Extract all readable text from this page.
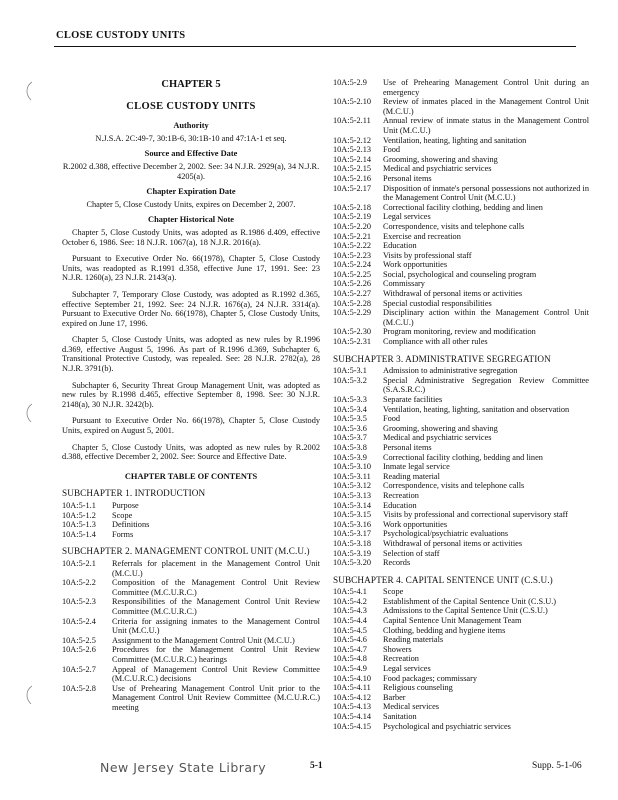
CLOSE CUSTODY UNITS
CHAPTER 5
CLOSE CUSTODY UNITS
Authority
N.J.S.A. 2C:49-7, 30:1B-6, 30:1B-10 and 47:1A-1 et seq.
Source and Effective Date
R.2002 d.388, effective December 2, 2002. See: 34 N.J.R. 2929(a), 34 N.J.R. 4205(a).
Chapter Expiration Date
Chapter 5, Close Custody Units, expires on December 2, 2007.
Chapter Historical Note

Chapter 5, Close Custody Units, was adopted as R.1986 d.409, effective October 6, 1986. See: 18 N.J.R. 1067(a), 18 N.J.R. 2016(a).

Pursuant to Executive Order No. 66(1978), Chapter 5, Close Custody Units, was readopted as R.1991 d.358, effective June 17, 1991. See: 23 N.J.R. 1260(a), 23 N.J.R. 2143(a).

Subchapter 7, Temporary Close Custody, was adopted as R.1992 d.365, effective September 21, 1992. See: 24 N.J.R. 1676(a), 24 N.J.R. 3314(a). Pursuant to Executive Order No. 66(1978), Chapter 5, Close Custody Units, expired on June 17, 1996.

Chapter 5, Close Custody Units, was adopted as new rules by R.1996 d.369, effective August 5, 1996. As part of R.1996 d.369, Subchapter 6, Transitional Protective Custody, was repealed. See: 28 N.J.R. 2782(a), 28 N.J.R. 3791(b).

Subchapter 6, Security Threat Group Management Unit, was adopted as new rules by R.1998 d.465, effective September 8, 1998. See: 30 N.J.R. 2148(a), 30 N.J.R. 3242(b).

Pursuant to Executive Order No. 66(1978), Chapter 5, Close Custody Units, expired on August 5, 2001.

Chapter 5, Close Custody Units, was adopted as new rules by R.2002 d.388, effective December 2, 2002. See: Source and Effective Date.

CHAPTER TABLE OF CONTENTS
SUBCHAPTER 1. INTRODUCTION
10A:5-1.1	Purpose
10A:5-1.2	Scope
10A:5-1.3	Definitions
10A:5-1.4	Forms
SUBCHAPTER 2. MANAGEMENT CONTROL UNIT (M.C.U.)
10A:5-2.1	Referrals for placement in the Management Control Unit (M.C.U.)
10A:5-2.2	Composition of the Management Control Unit Review Committee (M.C.U.R.C.)
10A:5-2.3	Responsibilities of the Management Control Unit Review Committee (M.C.U.R.C.)
10A:5-2.4	Criteria for assigning inmates to the Management Control Unit (M.C.U.)
10A:5-2.5	Assignment to the Management Control Unit (M.C.U.)
10A:5-2.6	Procedures for the Management Control Unit Review Committee (M.C.U.R.C.) hearings
10A:5-2.7	Appeal of Management Control Unit Review Committee (M.C.U.R.C.) decisions
10A:5-2.8	Use of Prehearing Management Control Unit prior to the Management Control Unit Review Committee (M.C.U.R.C.) meeting
10A:5-2.9	Use of Prehearing Management Control Unit during an emergency
10A:5-2.10	Review of inmates placed in the Management Control Unit (M.C.U.)
10A:5-2.11	Annual review of inmate status in the Management Control Unit (M.C.U.)
10A:5-2.12	Ventilation, heating, lighting and sanitation
10A:5-2.13	Food
10A:5-2.14	Grooming, showering and shaving
10A:5-2.15	Medical and psychiatric services
10A:5-2.16	Personal items
10A:5-2.17	Disposition of inmate's personal possessions not authorized in the Management Control Unit (M.C.U.)
10A:5-2.18	Correctional facility clothing, bedding and linen
10A:5-2.19	Legal services
10A:5-2.20	Correspondence, visits and telephone calls
10A:5-2.21	Exercise and recreation
10A:5-2.22	Education
10A:5-2.23	Visits by professional staff
10A:5-2.24	Work opportunities
10A:5-2.25	Social, psychological and counseling program
10A:5-2.26	Commissary
10A:5-2.27	Withdrawal of personal items or activities
10A:5-2.28	Special custodial responsibilities
10A:5-2.29	Disciplinary action within the Management Control Unit (M.C.U.)
10A:5-2.30	Program monitoring, review and modification
10A:5-2.31	Compliance with all other rules
SUBCHAPTER 3. ADMINISTRATIVE SEGREGATION
10A:5-3.1	Admission to administrative segregation
10A:5-3.2	Special Administrative Segregation Review Committee (S.A.S.R.C.)
10A:5-3.3	Separate facilities
10A:5-3.4	Ventilation, heating, lighting, sanitation and observation
10A:5-3.5	Food
10A:5-3.6	Grooming, showering and shaving
10A:5-3.7	Medical and psychiatric services
10A:5-3.8	Personal items
10A:5-3.9	Correctional facility clothing, bedding and linen
10A:5-3.10	Inmate legal service
10A:5-3.11	Reading material
10A:5-3.12	Correspondence, visits and telephone calls
10A:5-3.13	Recreation
10A:5-3.14	Education
10A:5-3.15	Visits by professional and correctional supervisory staff
10A:5-3.16	Work opportunities
10A:5-3.17	Psychological/psychiatric evaluations
10A:5-3.18	Withdrawal of personal items or activities
10A:5-3.19	Selection of staff
10A:5-3.20	Records
SUBCHAPTER 4. CAPITAL SENTENCE UNIT (C.S.U.)
10A:5-4.1	Scope
10A:5-4.2	Establishment of the Capital Sentence Unit (C.S.U.)
10A:5-4.3	Admissions to the Capital Sentence Unit (C.S.U.)
10A:5-4.4	Capital Sentence Unit Management Team
10A:5-4.5	Clothing, bedding and hygiene items
10A:5-4.6	Reading materials
10A:5-4.7	Showers
10A:5-4.8	Recreation
10A:5-4.9	Legal services
10A:5-4.10	Food packages; commissary
10A:5-4.11	Religious counseling
10A:5-4.12	Barber
10A:5-4.13	Medical services
10A:5-4.14	Sanitation
10A:5-4.15	Psychological and psychiatric services
New Jersey State Library	5-1	Supp. 5-1-06
